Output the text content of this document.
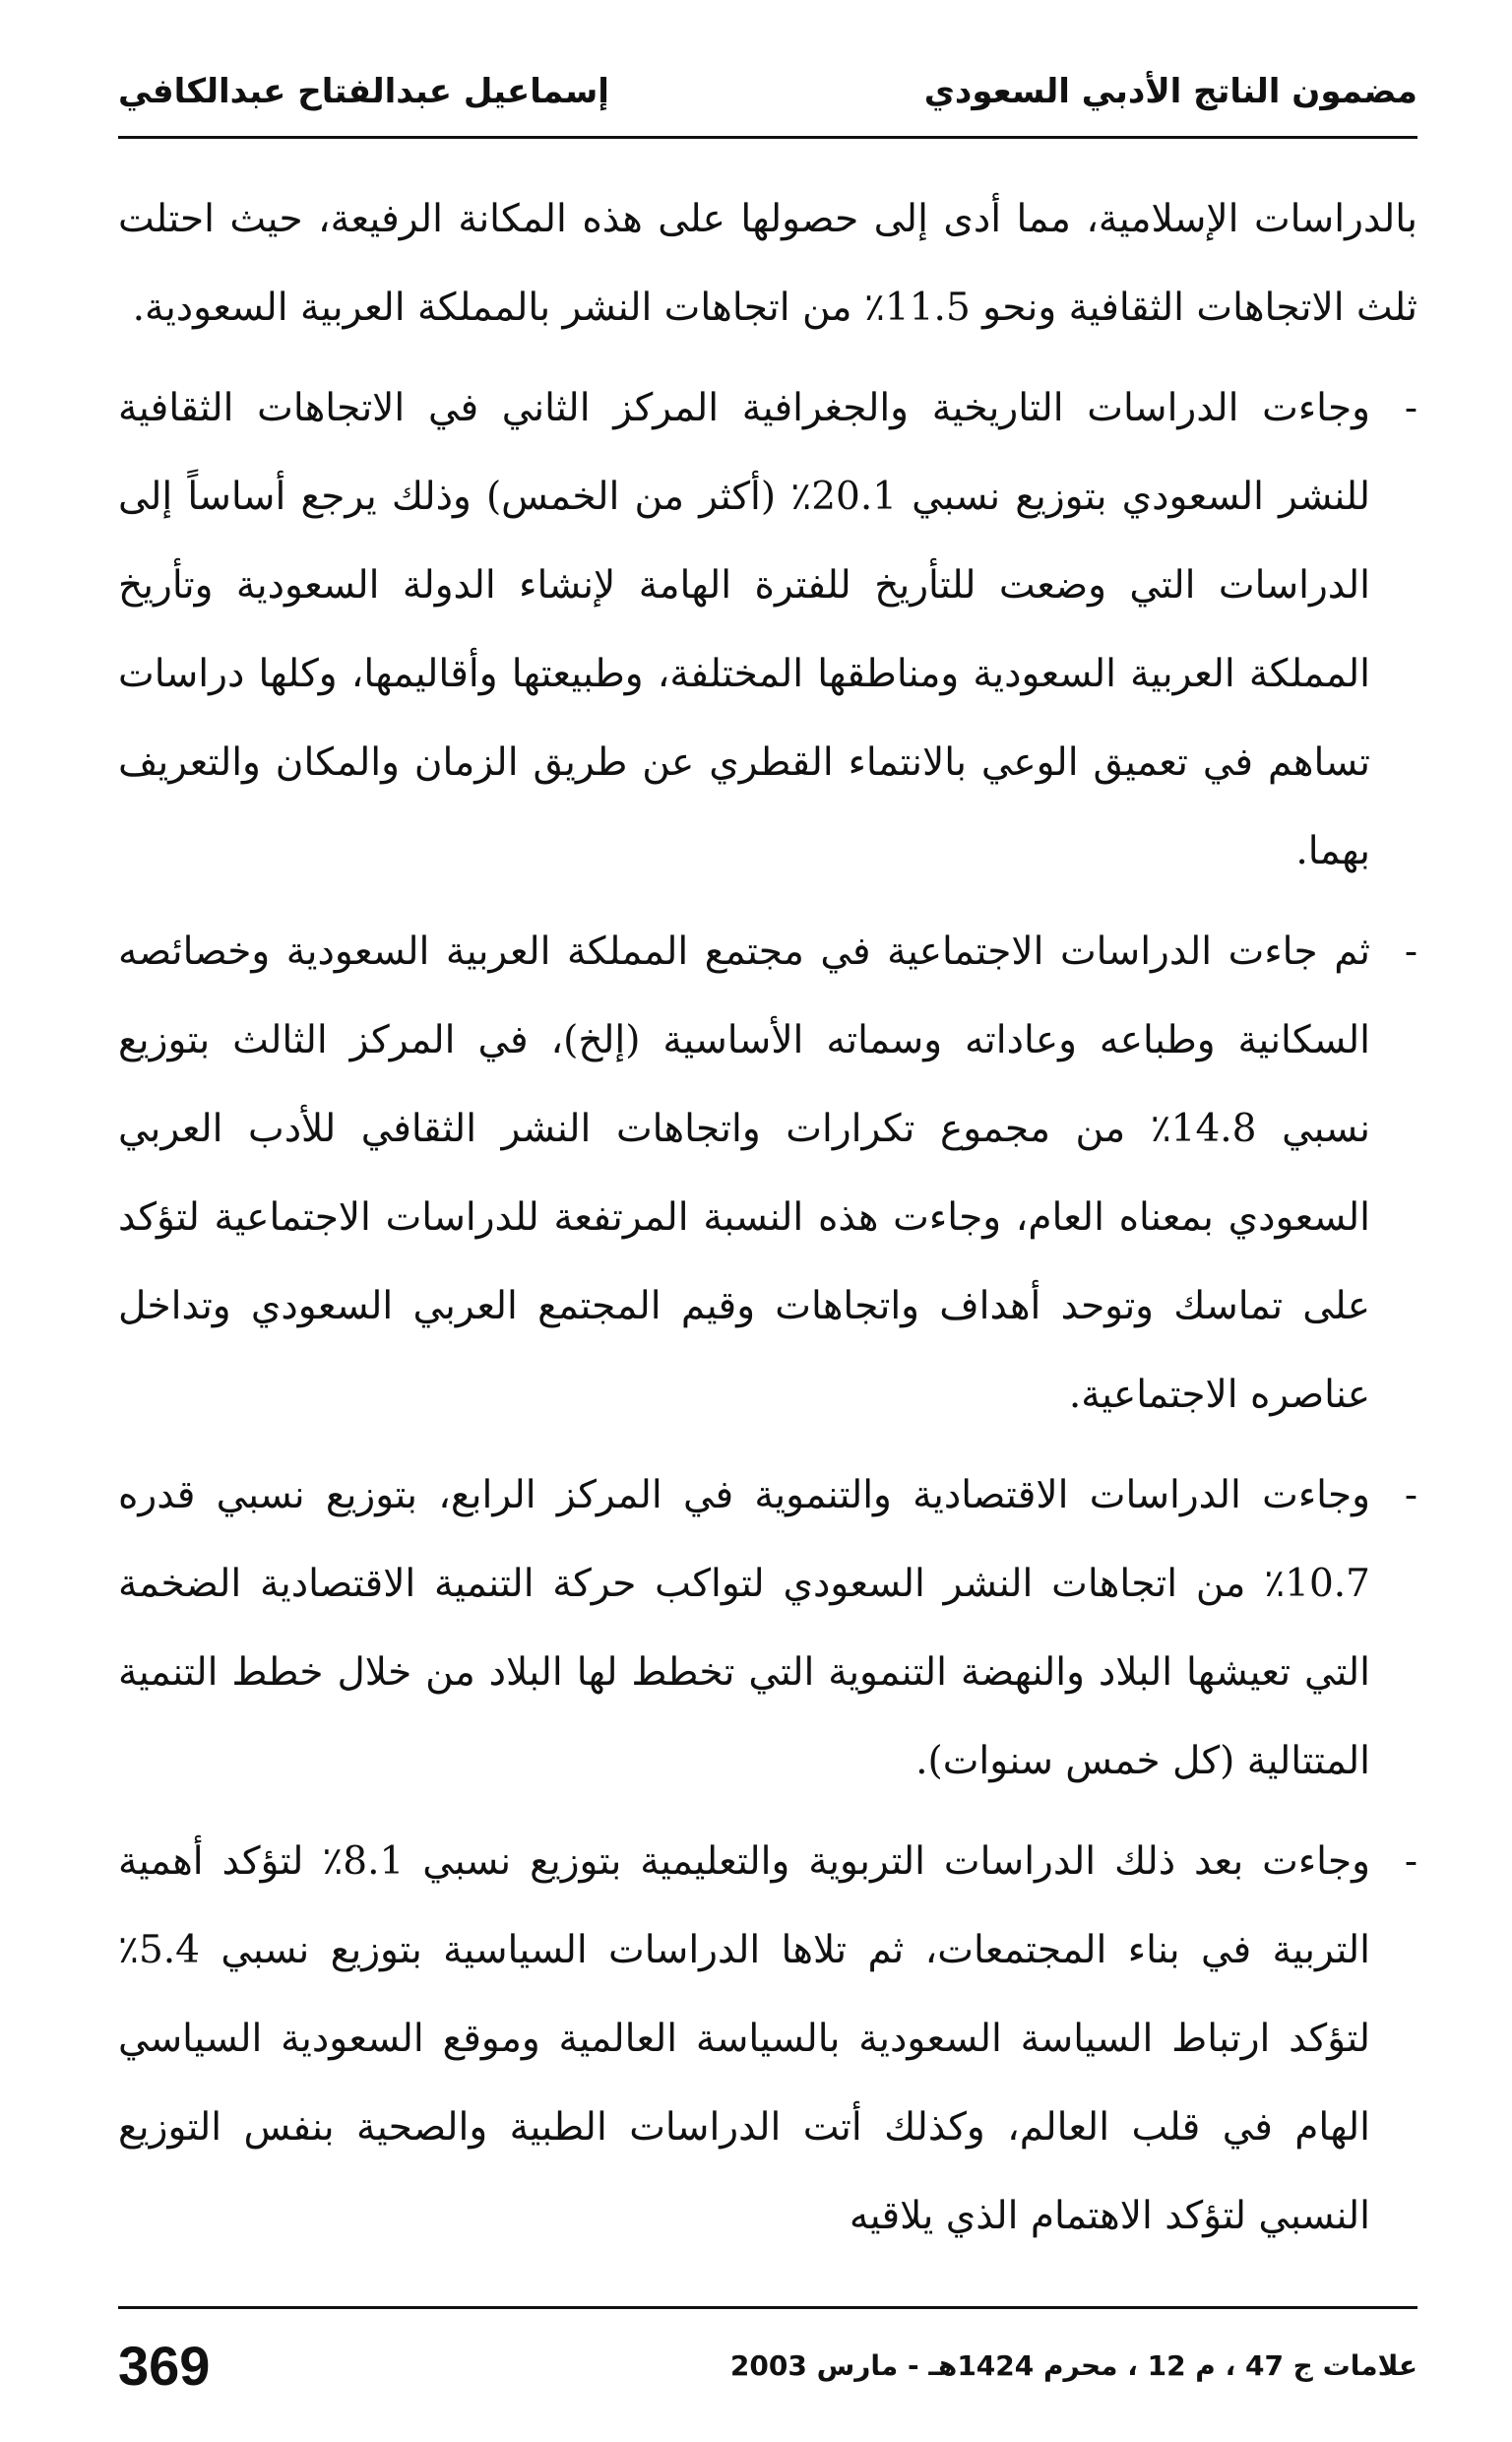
مضمون الناتج الأدبي السعودي
إسماعيل عبدالفتاح عبدالكافي

بالدراسات الإسلامية، مما أدى إلى حصولها على هذه المكانة الرفيعة، حيث احتلت ثلث الاتجاهات الثقافية ونحو 11.5٪ من اتجاهات النشر بالمملكة العربية السعودية.

-
وجاءت الدراسات التاريخية والجغرافية المركز الثاني في الاتجاهات الثقافية للنشر السعودي بتوزيع نسبي 20.1٪ (أكثر من الخمس) وذلك يرجع أساساً إلى الدراسات التي وضعت للتأريخ للفترة الهامة لإنشاء الدولة السعودية وتأريخ المملكة العربية السعودية ومناطقها المختلفة، وطبيعتها وأقاليمها، وكلها دراسات تساهم في تعميق الوعي بالانتماء القطري عن طريق الزمان والمكان والتعريف بهما.
-
ثم جاءت الدراسات الاجتماعية في مجتمع المملكة العربية السعودية وخصائصه السكانية وطباعه وعاداته وسماته الأساسية (إلخ)، في المركز الثالث بتوزيع نسبي 14.8٪ من مجموع تكرارات واتجاهات النشر الثقافي للأدب العربي السعودي بمعناه العام، وجاءت هذه النسبة المرتفعة للدراسات الاجتماعية لتؤكد على تماسك وتوحد أهداف واتجاهات وقيم المجتمع العربي السعودي وتداخل عناصره الاجتماعية.
-
وجاءت الدراسات الاقتصادية والتنموية في المركز الرابع، بتوزيع نسبي قدره 10.7٪ من اتجاهات النشر السعودي لتواكب حركة التنمية الاقتصادية الضخمة التي تعيشها البلاد والنهضة التنموية التي تخطط لها البلاد من خلال خطط التنمية المتتالية (كل خمس سنوات).
-
وجاءت بعد ذلك الدراسات التربوية والتعليمية بتوزيع نسبي 8.1٪ لتؤكد أهمية التربية في بناء المجتمعات، ثم تلاها الدراسات السياسية بتوزيع نسبي 5.4٪ لتؤكد ارتباط السياسة السعودية بالسياسة العالمية وموقع السعودية السياسي الهام في قلب العالم، وكذلك أتت الدراسات الطبية والصحية بنفس التوزيع النسبي لتؤكد الاهتمام الذي يلاقيه
علامات ج 47 ، م 12 ، محرم 1424هـ - مارس 2003
369
